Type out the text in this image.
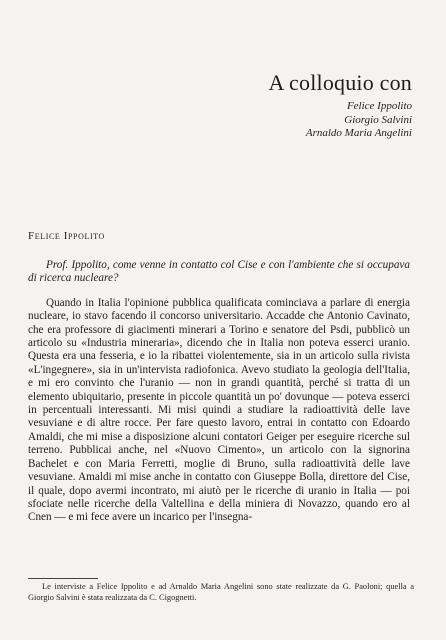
A colloquio con
Felice Ippolito
Giorgio Salvini
Arnaldo Maria Angelini
Felice Ippolito

Prof. Ippolito, come venne in contatto col Cise e con l'ambiente che si occupava di ricerca nucleare?

Quando in Italia l'opinione pubblica qualificata cominciava a parlare di energia nucleare, io stavo facendo il concorso universitario. Accadde che Antonio Cavinato, che era professore di giacimenti minerari a Torino e senatore del Psdi, pubblicò un articolo su «Industria mineraria», dicendo che in Italia non poteva esserci uranio. Questa era una fesseria, e io la ribattei violentemente, sia in un articolo sulla rivista «L'ingegnere», sia in un'intervista radiofonica. Avevo studiato la geologia dell'Italia, e mi ero convinto che l'uranio — non in grandi quantità, perché si tratta di un elemento ubiquitario, presente in piccole quantità un po' dovunque — poteva esserci in percentuali interessanti. Mi misi quindi a studiare la radioattività delle lave vesuviane e di altre rocce. Per fare questo lavoro, entrai in contatto con Edoardo Amaldi, che mi mise a disposizione alcuni contatori Geiger per eseguire ricerche sul terreno. Pubblicai anche, nel «Nuovo Cimento», un articolo con la signorina Bachelet e con Maria Ferretti, moglie di Bruno, sulla radioattività delle lave vesuviane. Amaldi mi mise anche in contatto con Giuseppe Bolla, direttore del Cise, il quale, dopo avermi incontrato, mi aiutò per le ricerche di uranio in Italia — poi sfociate nelle ricerche della Valtellina e della miniera di Novazzo, quando ero al Cnen — e mi fece avere un incarico per l'insegna-

Le interviste a Felice Ippolito e ad Arnaldo Maria Angelini sono state realizzate da G. Paoloni; quella a Giorgio Salvini è stata realizzata da C. Cigognetti.
